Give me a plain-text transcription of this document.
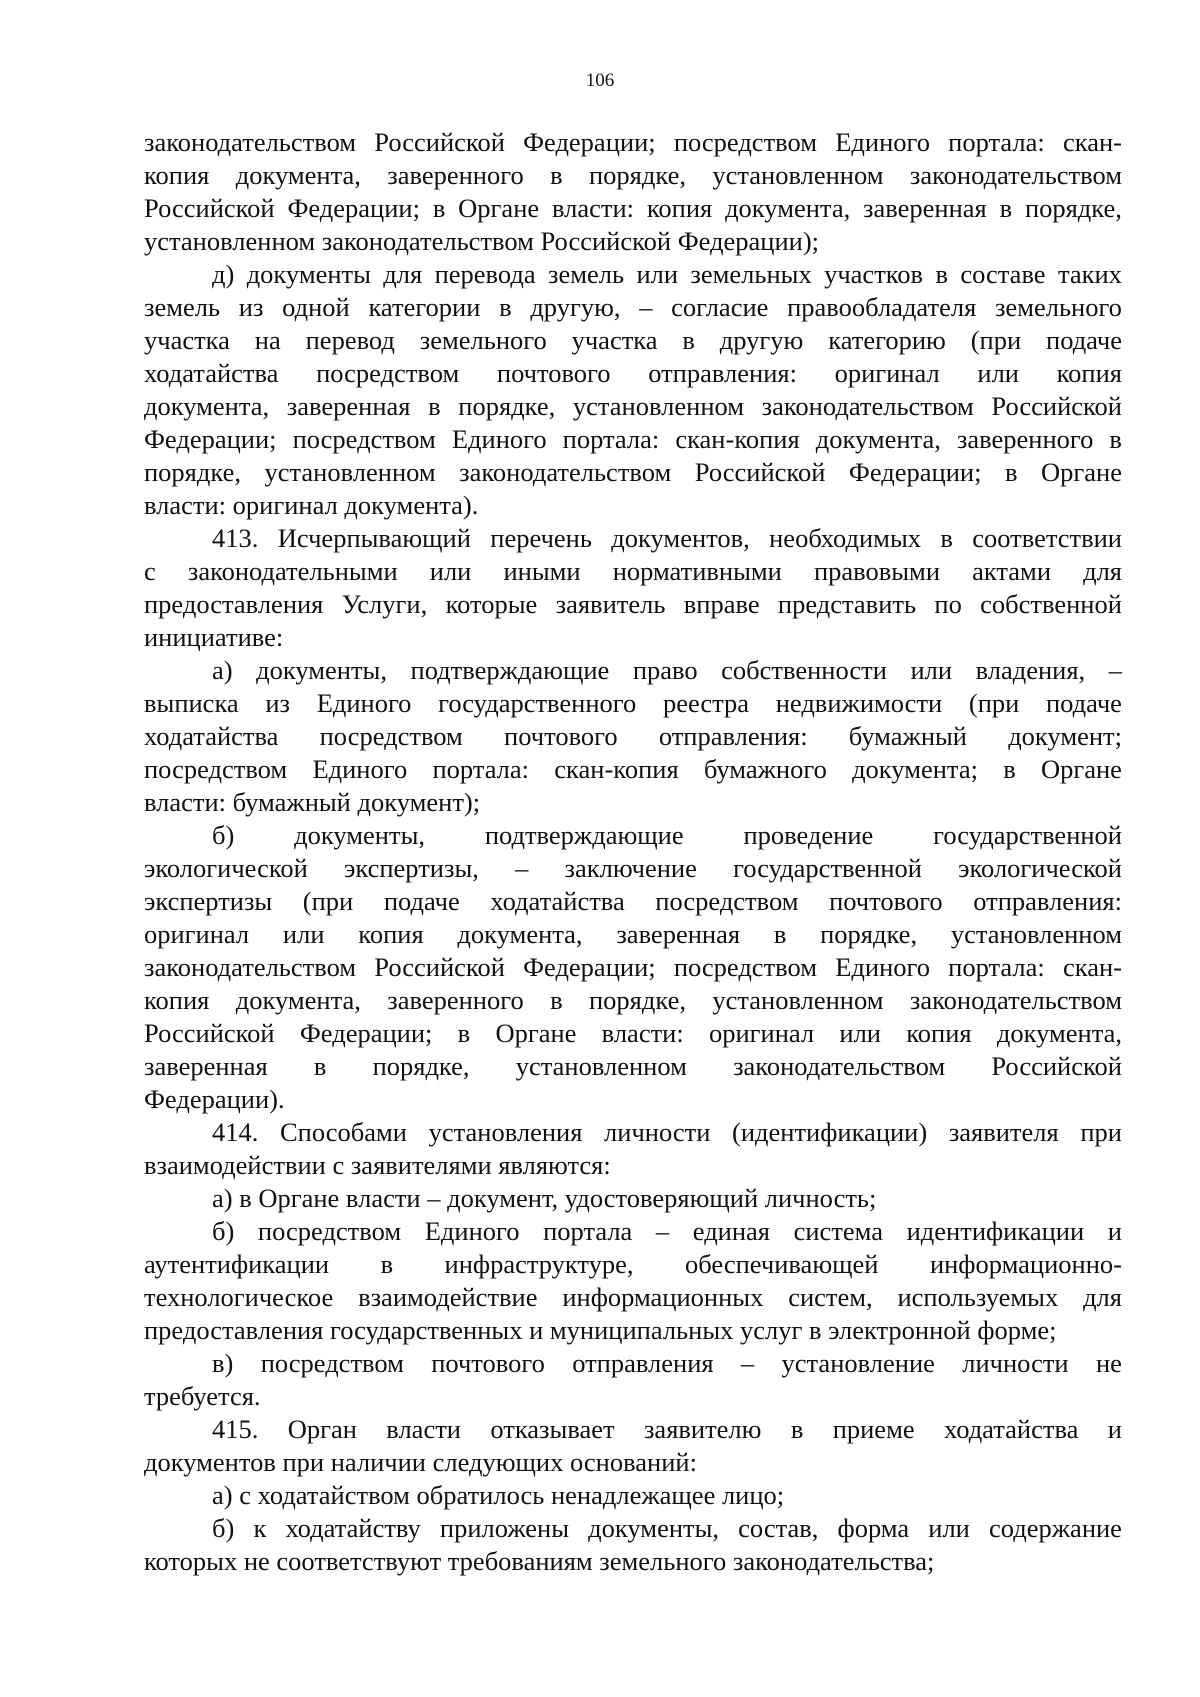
106
законодательством Российской Федерации; посредством Единого портала: скан-
копия документа, заверенного в порядке, установленном законодательством
Российской Федерации; в Органе власти: копия документа, заверенная в порядке,
установленном законодательством Российской Федерации);
д) документы для перевода земель или земельных участков в составе таких
земель из одной категории в другую, – согласие правообладателя земельного
участка на перевод земельного участка в другую категорию (при подаче
ходатайства посредством почтового отправления: оригинал или копия
документа, заверенная в порядке, установленном законодательством Российской
Федерации; посредством Единого портала: скан-копия документа, заверенного в
порядке, установленном законодательством Российской Федерации; в Органе
власти: оригинал документа).
413. Исчерпывающий перечень документов, необходимых в соответствии
с законодательными или иными нормативными правовыми актами для
предоставления Услуги, которые заявитель вправе представить по собственной
инициативе:
а) документы, подтверждающие право собственности или владения, –
выписка из Единого государственного реестра недвижимости (при подаче
ходатайства посредством почтового отправления: бумажный документ;
посредством Единого портала: скан-копия бумажного документа; в Органе
власти: бумажный документ);
б) документы, подтверждающие проведение государственной
экологической экспертизы, – заключение государственной экологической
экспертизы (при подаче ходатайства посредством почтового отправления:
оригинал или копия документа, заверенная в порядке, установленном
законодательством Российской Федерации; посредством Единого портала: скан-
копия документа, заверенного в порядке, установленном законодательством
Российской Федерации; в Органе власти: оригинал или копия документа,
заверенная в порядке, установленном законодательством Российской
Федерации).
414. Способами установления личности (идентификации) заявителя при
взаимодействии с заявителями являются:
а) в Органе власти – документ, удостоверяющий личность;
б) посредством Единого портала – единая система идентификации и
аутентификации в инфраструктуре, обеспечивающей информационно-
технологическое взаимодействие информационных систем, используемых для
предоставления государственных и муниципальных услуг в электронной форме;
в) посредством почтового отправления – установление личности не
требуется.
415. Орган власти отказывает заявителю в приеме ходатайства и
документов при наличии следующих оснований:
а) с ходатайством обратилось ненадлежащее лицо;
б) к ходатайству приложены документы, состав, форма или содержание
которых не соответствуют требованиям земельного законодательства;
